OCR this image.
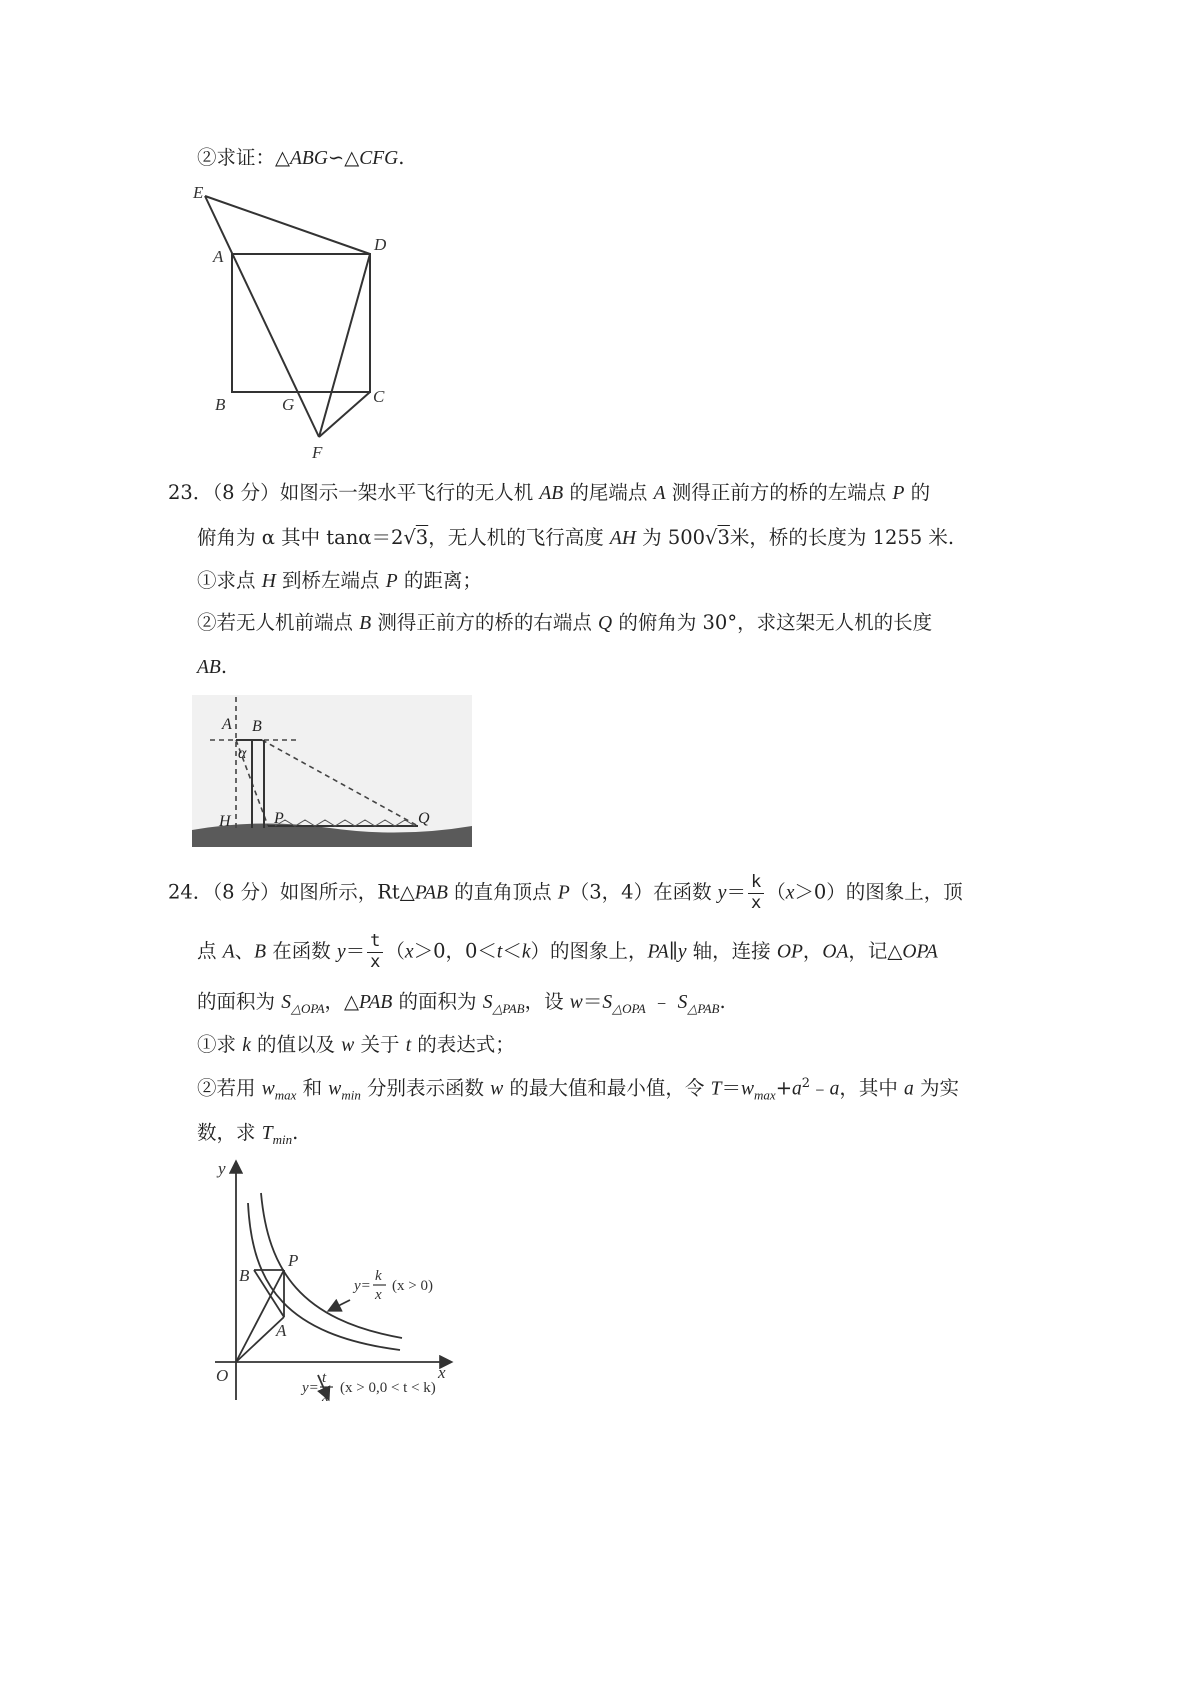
②求证：△ABG∽△CFG.
E
A
D
B	G	C
F
23．（8 分）如图示一架水平飞行的无人机 AB 的尾端点 A 测得正前方的桥的左端点 P 的
俯角为 α 其中 tanα＝2√3，无人机的飞行高度 AH 为 500√3米，桥的长度为 1255 米.
①求点 H 到桥左端点 P 的距离；
②若无人机前端点 B 测得正前方的桥的右端点 Q 的俯角为 30°，求这架无人机的长度
AB.
A B
α
H	P	Q
24．（8 分）如图所示，Rt△PAB 的直角顶点 P（3，4）在函数 $y= \frac{k}{x} (x>0)$的图象上，顶
点 A、B 在函数 $y= \frac{t}{x} (x>0$，0＜t＜k）的图象上，PA∥y 轴，连接 OP，OA，记△OPA
的面积为 $S_{\triangle OPA}$，△PAB 的面积为 $S_{\triangle PAB}$，设 $w=S_{\triangle OPA}$ ﹣ $S_{\triangle PAB}$.
①求 k 的值以及 w 关于 t 的表达式；
②若用 $w_{max}$ 和 $w_{min}$ 分别表示函数 w 的最大值和最小值，令 $T=w_{max}+a^2﹣a$，其中 a 为实
数，求 $T_{min}$.
y
x
O
P
B
A
y=
k
x
(x > 0)
y=
t
x
(x > 0,0 < t < k)
